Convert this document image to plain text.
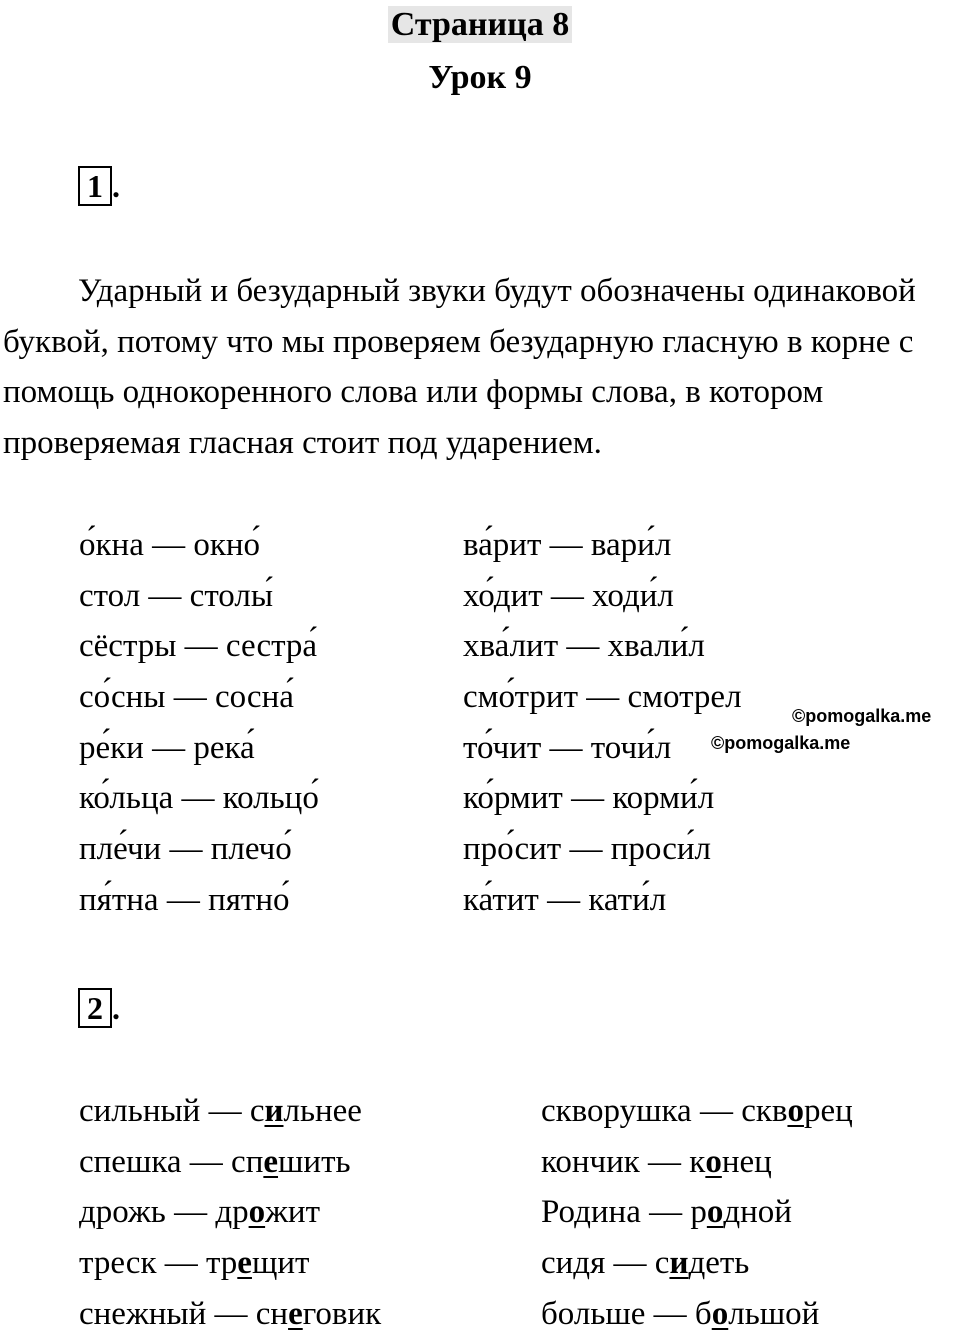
Страница 8
Урок 9
1 .
Ударный и безударный звуки будут обозначены одинаковой буквой, потому что мы проверяем безударную гласную в корне с помощь однокоренного слова или формы слова, в котором проверяемая гласная стоит под ударением.
о́кна — окно́
стол — столы́
сёстры — сестра́
со́сны — сосна́
ре́ки — река́
ко́льца — кольцо́
пле́чи — плечо́
пя́тна — пятно́
ва́рит — вари́л
хо́дит — ходи́л
хва́лит — хвали́л
смо́трит — смотрел
то́чит — точи́л
ко́рмит — корми́л
про́сит — проси́л
ка́тит — кати́л
©pomogalka.me
©pomogalka.me
2 .
сильный — сильнее
спешка — спешить
дрожь — дрожит
треск — трещит
снежный — снеговик
скворушка — скворец
кончик — конец
Родина — родной
сидя — сидеть
больше — большой
